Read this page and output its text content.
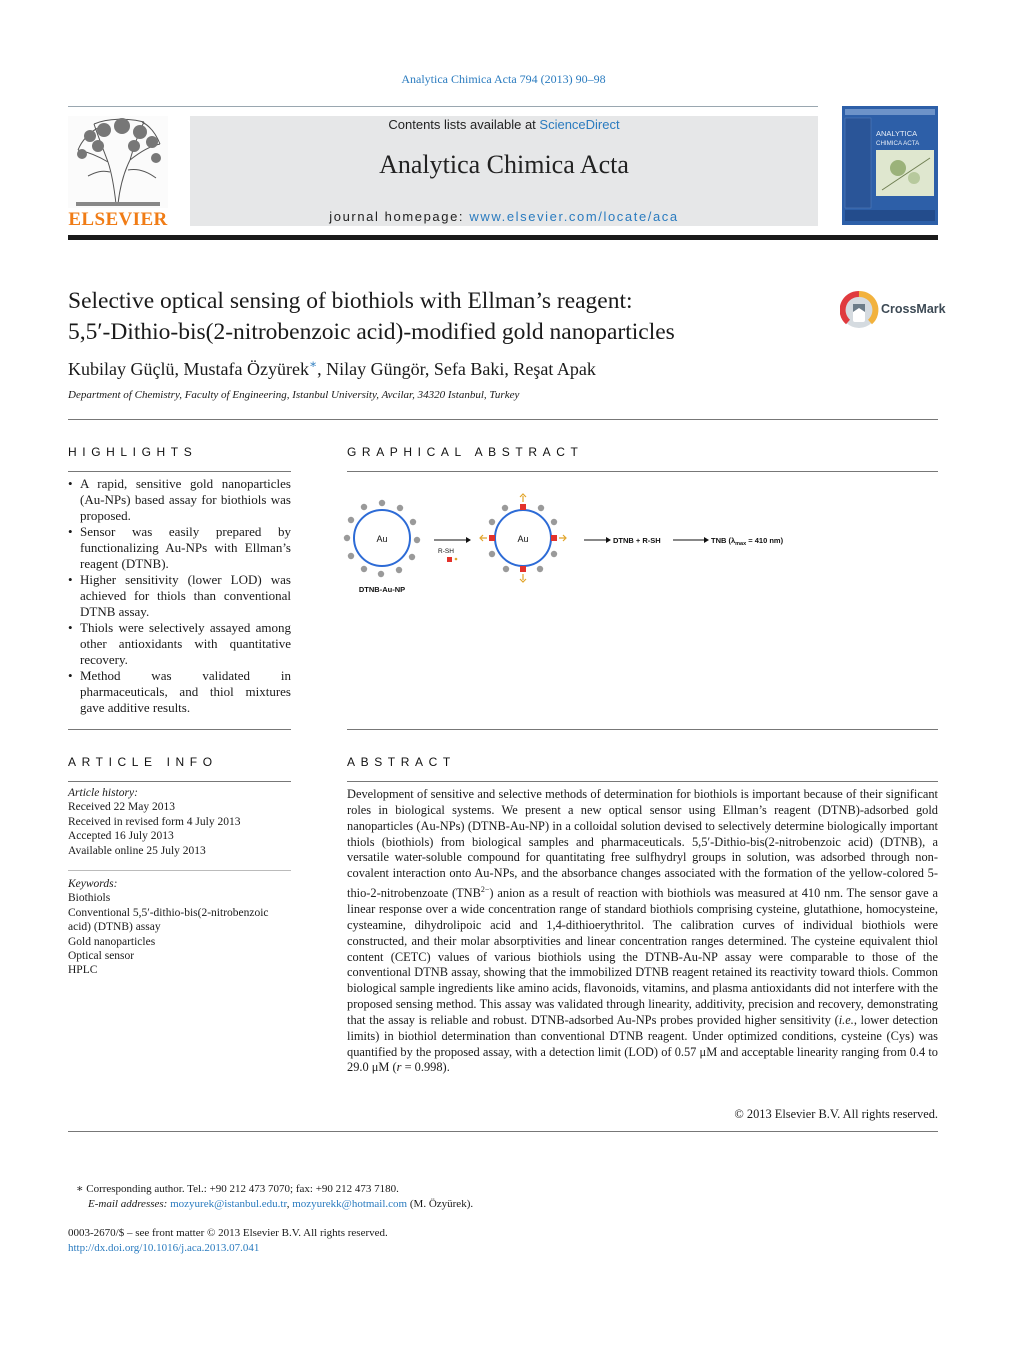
Analytica Chimica Acta 794 (2013) 90–98
ELSEVIER
Contents lists available at ScienceDirect
Analytica Chimica Acta
journal homepage: www.elsevier.com/locate/aca
ANALYTICA
CHIMICA ACTA
Selective optical sensing of biothiols with Ellman’s reagent:
5,5′-Dithio-bis(2-nitrobenzoic acid)-modified gold nanoparticles
CrossMark
Kubilay Güçlü, Mustafa Özyürek∗, Nilay Güngör, Sefa Baki, Reşat Apak
Department of Chemistry, Faculty of Engineering, Istanbul University, Avcilar, 34320 Istanbul, Turkey
HIGHLIGHTS
• A rapid, sensitive gold nanoparticles (Au-NPs) based assay for biothiols was proposed.
• Sensor was easily prepared by functionalizing Au-NPs with Ellman’s reagent (DTNB).
• Higher sensitivity (lower LOD) was achieved for thiols than conventional DTNB assay.
• Thiols were selectively assayed among other antioxidants with quantitative recovery.
• Method was validated in pharmaceuticals, and thiol mixtures gave additive results.
GRAPHICAL ABSTRACT
Au
DTNB-Au-NP
R-SH
Au	DTNB + R-SH	TNB ($\lambda_{max} = 410$ nm)
ARTICLE INFO
Article history:
Received 22 May 2013
Received in revised form 4 July 2013
Accepted 16 July 2013
Available online 25 July 2013
Keywords:
Biothiols
Conventional 5,5′-dithio-bis(2-nitrobenzoic
acid) (DTNB) assay
Gold nanoparticles
Optical sensor
HPLC
ABSTRACT
Development of sensitive and selective methods of determination for biothiols is important because of their significant roles in biological systems. We present a new optical sensor using Ellman’s reagent (DTNB)-adsorbed gold nanoparticles (Au-NPs) (DTNB-Au-NP) in a colloidal solution devised to selectively determine biologically important thiols (biothiols) from biological samples and pharmaceuticals. 5,5′-Dithio-bis(2-nitrobenzoic acid) (DTNB), a versatile water-soluble compound for quantitating free sulfhydryl groups in solution, was adsorbed through non-covalent interaction onto Au-NPs, and the absorbance changes associated with the formation of the yellow-colored 5-thio-2-nitrobenzoate $(TNB^{2-})$ anion as a result of reaction with biothiols was measured at 410 nm. The sensor gave a linear response over a wide concentration range of standard biothiols comprising cysteine, glutathione, homocysteine, cysteamine, dihydrolipoic acid and 1,4-dithioerythritol. The calibration curves of individual biothiols were constructed, and their molar absorptivities and linear concentration ranges determined. The cysteine equivalent thiol content (CETC) values of various biothiols using the DTNB-Au-NP assay were comparable to those of the conventional DTNB assay, showing that the immobilized DTNB reagent retained its reactivity toward thiols. Common biological sample ingredients like amino acids, flavonoids, vitamins, and plasma antioxidants did not interfere with the proposed sensing method. This assay was validated through linearity, additivity, precision and recovery, demonstrating that the assay is reliable and robust. DTNB-adsorbed Au-NPs probes provided higher sensitivity (i.e., lower detection limits) in biothiol determination than conventional DTNB reagent. Under optimized conditions, cysteine (Cys) was quantified by the proposed assay, with a detection limit (LOD) of 0.57 μM and acceptable linearity ranging from 0.4 to 29.0 μM (r = 0.998).
© 2013 Elsevier B.V. All rights reserved.
∗ Corresponding author. Tel.: +90 212 473 7070; fax: +90 212 473 7180.
E-mail addresses: mozyurek@istanbul.edu.tr, mozyurekk@hotmail.com (M. Özyürek).
0003-2670/$ – see front matter © 2013 Elsevier B.V. All rights reserved.
http://dx.doi.org/10.1016/j.aca.2013.07.041
